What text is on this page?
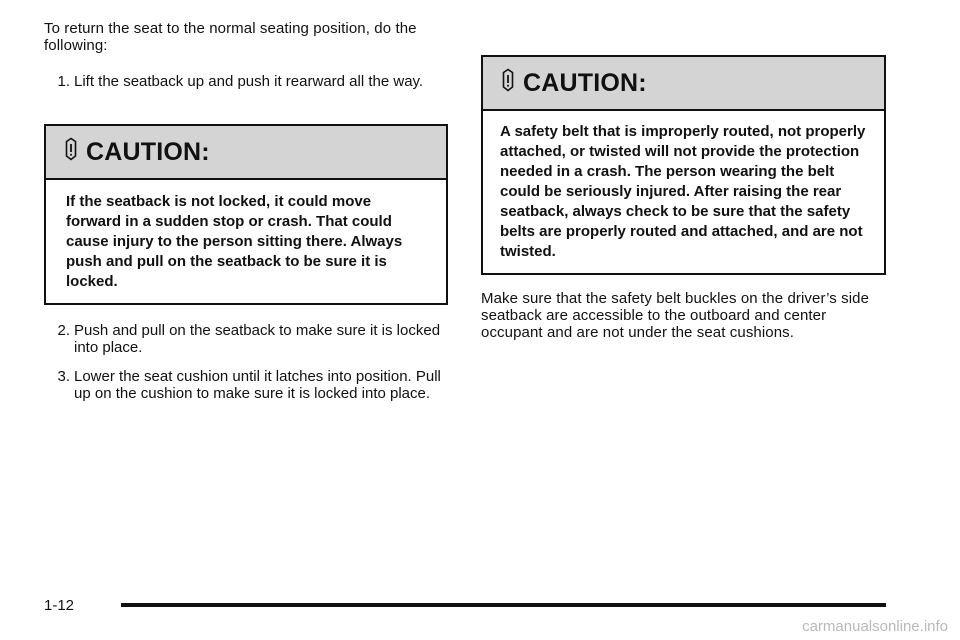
To return the seat to the normal seating position, do the following:

1. Lift the seatback up and push it rearward all the way.
CAUTION:
If the seatback is not locked, it could move forward in a sudden stop or crash. That could cause injury to the person sitting there. Always push and pull on the seatback to be sure it is locked.
2. Push and pull on the seatback to make sure it is locked into place.
3. Lower the seat cushion until it latches into position. Pull up on the cushion to make sure it is locked into place.
CAUTION:
A safety belt that is improperly routed, not properly attached, or twisted will not provide the protection needed in a crash. The person wearing the belt could be seriously injured. After raising the rear seatback, always check to be sure that the safety belts are properly routed and attached, and are not twisted.

Make sure that the safety belt buckles on the driver’s side seatback are accessible to the outboard and center occupant and are not under the seat cushions.

1-12
carmanualsonline.info
